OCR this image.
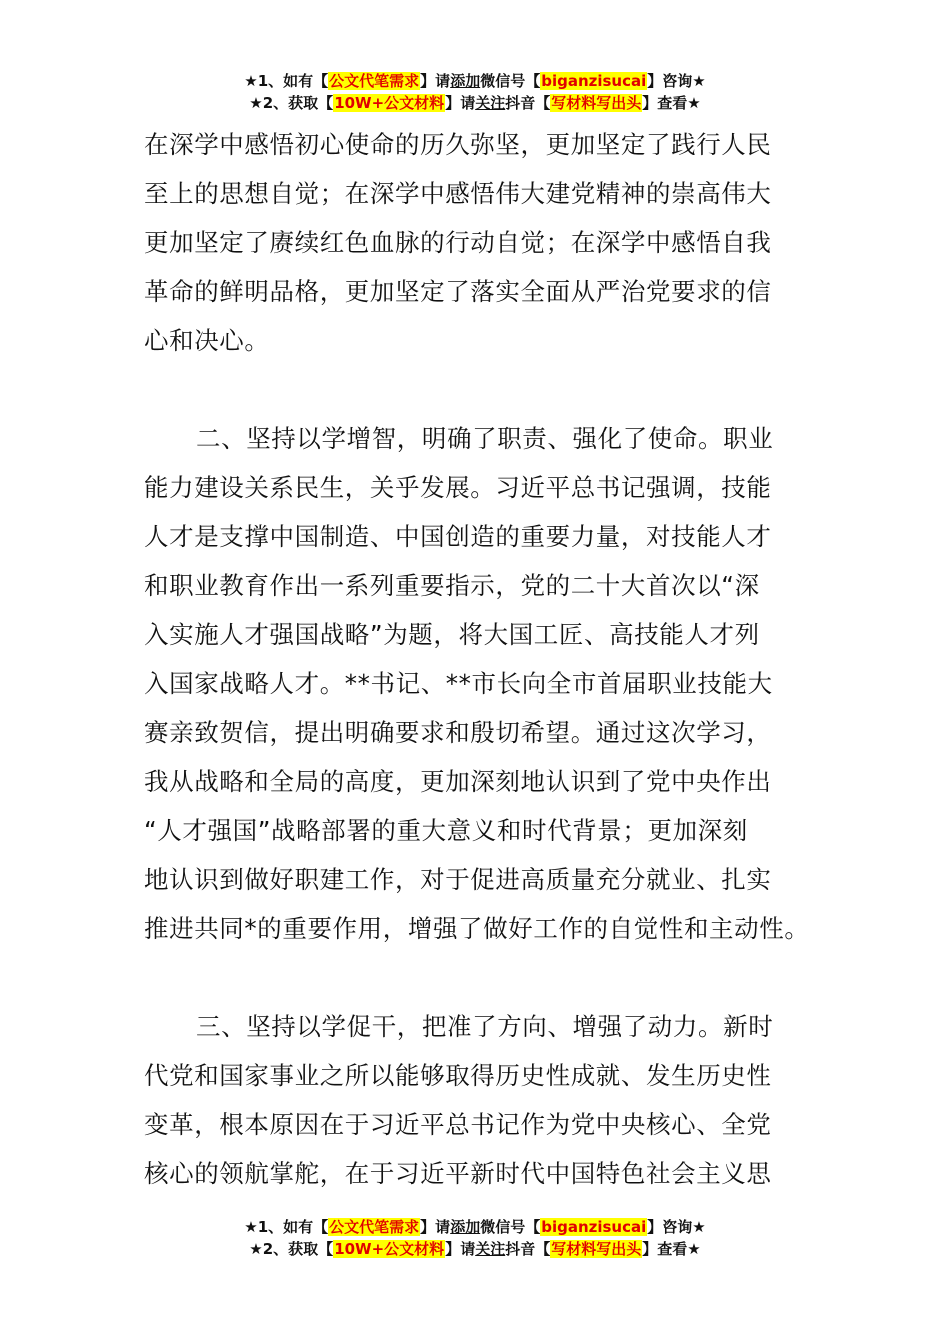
★1、如有【公文代笔需求】请添加微信号【biganzisucai】咨询★
★2、获取【10W+公文材料】请关注抖音【写材料写出头】查看★
在深学中感悟初心使命的历久弥坚，更加坚定了践行人民
至上的思想自觉；在深学中感悟伟大建党精神的崇高伟大
更加坚定了赓续红色血脉的行动自觉；在深学中感悟自我
革命的鲜明品格，更加坚定了落实全面从严治党要求的信
心和决心。
二、坚持以学增智，明确了职责、强化了使命。职业
能力建设关系民生，关乎发展。习近平总书记强调，技能
人才是支撑中国制造、中国创造的重要力量，对技能人才
和职业教育作出一系列重要指示，党的二十大首次以“深
入实施人才强国战略”为题，将大国工匠、高技能人才列
入国家战略人才。**书记、**市长向全市首届职业技能大
赛亲致贺信，提出明确要求和殷切希望。通过这次学习，
我从战略和全局的高度，更加深刻地认识到了党中央作出
“人才强国”战略部署的重大意义和时代背景；更加深刻
地认识到做好职建工作，对于促进高质量充分就业、扎实
推进共同*的重要作用，增强了做好工作的自觉性和主动性。
三、坚持以学促干，把准了方向、增强了动力。新时
代党和国家事业之所以能够取得历史性成就、发生历史性
变革，根本原因在于习近平总书记作为党中央核心、全党
核心的领航掌舵，在于习近平新时代中国特色社会主义思
★1、如有【公文代笔需求】请添加微信号【biganzisucai】咨询★
★2、获取【10W+公文材料】请关注抖音【写材料写出头】查看★
